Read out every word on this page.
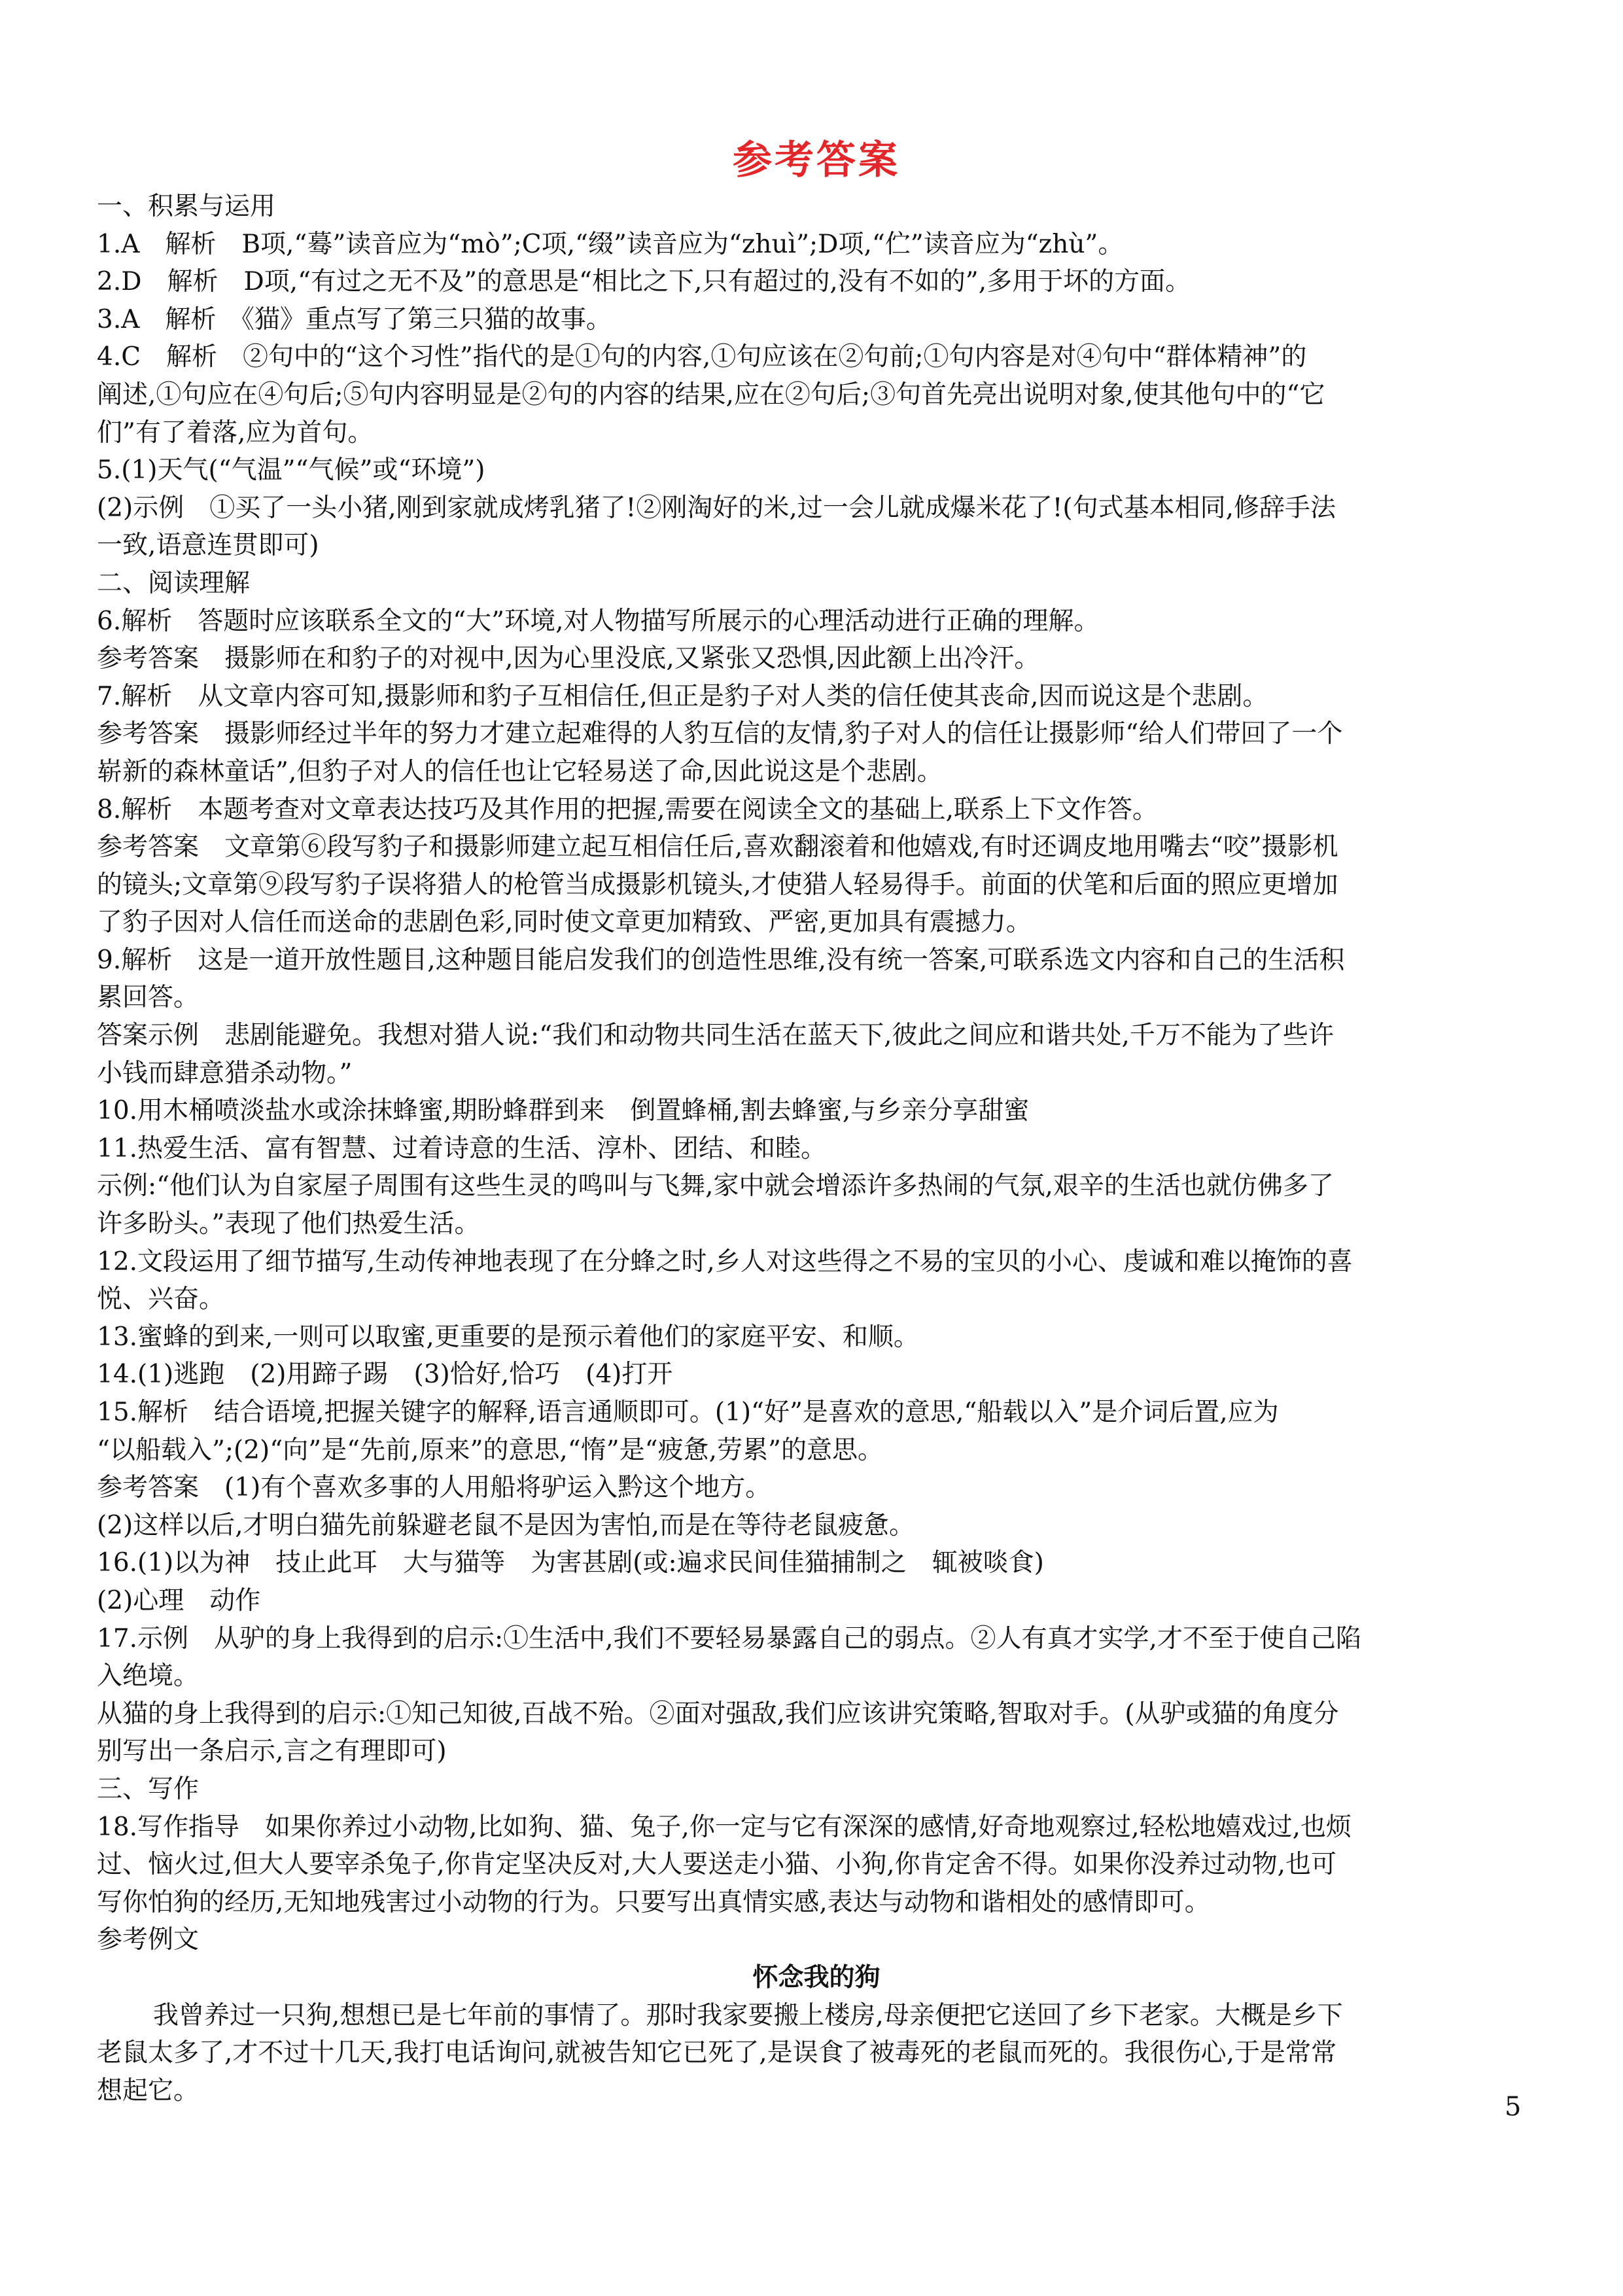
参考答案
一、积累与运用
1.A　解析　B项,“蓦”读音应为“mò”;C项,“缀”读音应为“zhuì”;D项,“伫”读音应为“zhù”。
2.D　解析　D项,“有过之无不及”的意思是“相比之下,只有超过的,没有不如的”,多用于坏的方面。
3.A　解析　《猫》重点写了第三只猫的故事。
4.C　解析　②句中的“这个习性”指代的是①句的内容,①句应该在②句前;①句内容是对④句中“群体精神”的
阐述,①句应在④句后;⑤句内容明显是②句的内容的结果,应在②句后;③句首先亮出说明对象,使其他句中的“它
们”有了着落,应为首句。
5.(1)天气(“气温”“气候”或“环境”)
(2)示例　①买了一头小猪,刚到家就成烤乳猪了!②刚淘好的米,过一会儿就成爆米花了!(句式基本相同,修辞手法
一致,语意连贯即可)
二、阅读理解
6.解析　答题时应该联系全文的“大”环境,对人物描写所展示的心理活动进行正确的理解。
参考答案　摄影师在和豹子的对视中,因为心里没底,又紧张又恐惧,因此额上出冷汗。
7.解析　从文章内容可知,摄影师和豹子互相信任,但正是豹子对人类的信任使其丧命,因而说这是个悲剧。
参考答案　摄影师经过半年的努力才建立起难得的人豹互信的友情,豹子对人的信任让摄影师“给人们带回了一个
崭新的森林童话”,但豹子对人的信任也让它轻易送了命,因此说这是个悲剧。
8.解析　本题考查对文章表达技巧及其作用的把握,需要在阅读全文的基础上,联系上下文作答。
参考答案　文章第⑥段写豹子和摄影师建立起互相信任后,喜欢翻滚着和他嬉戏,有时还调皮地用嘴去“咬”摄影机
的镜头;文章第⑨段写豹子误将猎人的枪管当成摄影机镜头,才使猎人轻易得手。前面的伏笔和后面的照应更增加
了豹子因对人信任而送命的悲剧色彩,同时使文章更加精致、严密,更加具有震撼力。
9.解析　这是一道开放性题目,这种题目能启发我们的创造性思维,没有统一答案,可联系选文内容和自己的生活积
累回答。
答案示例　悲剧能避免。我想对猎人说:“我们和动物共同生活在蓝天下,彼此之间应和谐共处,千万不能为了些许
小钱而肆意猎杀动物。”
10.用木桶喷淡盐水或涂抹蜂蜜,期盼蜂群到来　倒置蜂桶,割去蜂蜜,与乡亲分享甜蜜
11.热爱生活、富有智慧、过着诗意的生活、淳朴、团结、和睦。
示例:“他们认为自家屋子周围有这些生灵的鸣叫与飞舞,家中就会增添许多热闹的气氛,艰辛的生活也就仿佛多了
许多盼头。”表现了他们热爱生活。
12.文段运用了细节描写,生动传神地表现了在分蜂之时,乡人对这些得之不易的宝贝的小心、虔诚和难以掩饰的喜
悦、兴奋。
13.蜜蜂的到来,一则可以取蜜,更重要的是预示着他们的家庭平安、和顺。
14.(1)逃跑　(2)用蹄子踢　(3)恰好,恰巧　(4)打开
15.解析　结合语境,把握关键字的解释,语言通顺即可。(1)“好”是喜欢的意思,“船载以入”是介词后置,应为
“以船载入”;(2)“向”是“先前,原来”的意思,“惰”是“疲惫,劳累”的意思。
参考答案　(1)有个喜欢多事的人用船将驴运入黔这个地方。
(2)这样以后,才明白猫先前躲避老鼠不是因为害怕,而是在等待老鼠疲惫。
16.(1)以为神　技止此耳　大与猫等　为害甚剧(或:遍求民间佳猫捕制之　辄被啖食)
(2)心理　动作
17.示例　从驴的身上我得到的启示:①生活中,我们不要轻易暴露自己的弱点。②人有真才实学,才不至于使自己陷
入绝境。
从猫的身上我得到的启示:①知己知彼,百战不殆。②面对强敌,我们应该讲究策略,智取对手。(从驴或猫的角度分
别写出一条启示,言之有理即可)
三、写作
18.写作指导　如果你养过小动物,比如狗、猫、兔子,你一定与它有深深的感情,好奇地观察过,轻松地嬉戏过,也烦
过、恼火过,但大人要宰杀兔子,你肯定坚决反对,大人要送走小猫、小狗,你肯定舍不得。如果你没养过动物,也可
写你怕狗的经历,无知地残害过小动物的行为。只要写出真情实感,表达与动物和谐相处的感情即可。
参考例文
怀念我的狗
我曾养过一只狗,想想已是七年前的事情了。那时我家要搬上楼房,母亲便把它送回了乡下老家。大概是乡下
老鼠太多了,才不过十几天,我打电话询问,就被告知它已死了,是误食了被毒死的老鼠而死的。我很伤心,于是常常
想起它。
5
